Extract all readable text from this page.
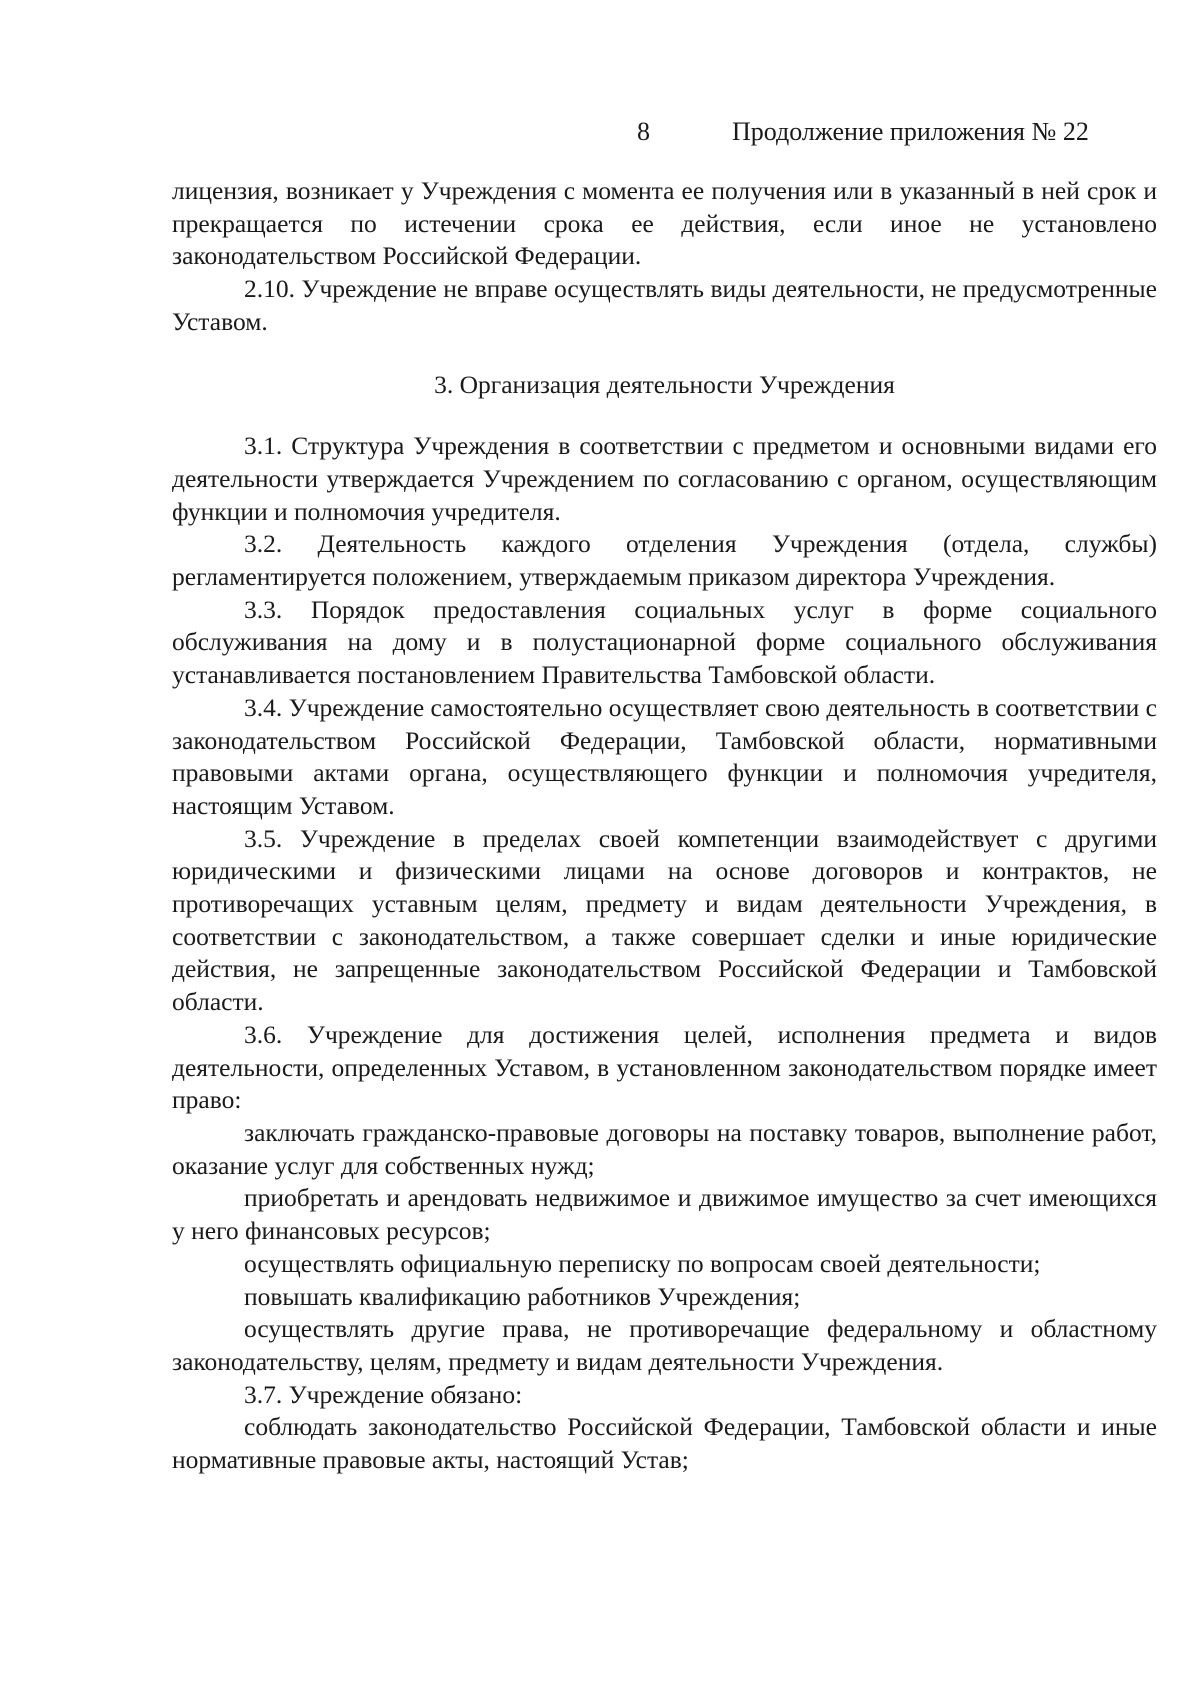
8	Продолжение приложения № 22

лицензия, возникает у Учреждения с момента ее получения или в указанный в ней срок и прекращается по истечении срока ее действия, если иное не установлено законодательством Российской Федерации.

2.10. Учреждение не вправе осуществлять виды деятельности, не предусмотренные Уставом.

3. Организация деятельности Учреждения

3.1. Структура Учреждения в соответствии с предметом и основными видами его деятельности утверждается Учреждением по согласованию с органом, осуществляющим функции и полномочия учредителя.

3.2. Деятельность каждого отделения Учреждения (отдела, службы) регламентируется положением, утверждаемым приказом директора Учреждения.

3.3. Порядок предоставления социальных услуг в форме социального обслуживания на дому и в полустационарной форме социального обслуживания устанавливается постановлением Правительства Тамбовской области.

3.4. Учреждение самостоятельно осуществляет свою деятельность в соответствии с законодательством Российской Федерации, Тамбовской области, нормативными правовыми актами органа, осуществляющего функции и полномочия учредителя, настоящим Уставом.

3.5. Учреждение в пределах своей компетенции взаимодействует с другими юридическими и физическими лицами на основе договоров и контрактов, не противоречащих уставным целям, предмету и видам деятельности Учреждения, в соответствии с законодательством, а также совершает сделки и иные юридические действия, не запрещенные законодательством Российской Федерации и Тамбовской области.

3.6. Учреждение для достижения целей, исполнения предмета и видов деятельности, определенных Уставом, в установленном законодательством порядке имеет право:

заключать гражданско-правовые договоры на поставку товаров, выполнение работ, оказание услуг для собственных нужд;

приобретать и арендовать недвижимое и движимое имущество за счет имеющихся у него финансовых ресурсов;

осуществлять официальную переписку по вопросам своей деятельности;

повышать квалификацию работников Учреждения;

осуществлять другие права, не противоречащие федеральному и областному законодательству, целям, предмету и видам деятельности Учреждения.

3.7. Учреждение обязано:

соблюдать законодательство Российской Федерации, Тамбовской области и иные нормативные правовые акты, настоящий Устав;
